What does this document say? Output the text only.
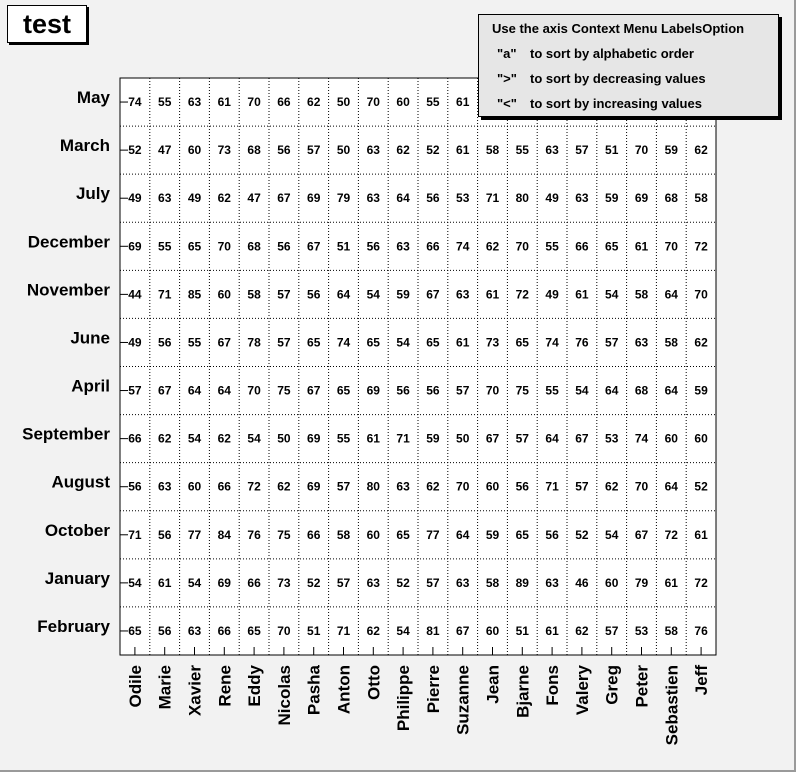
74 55 63 61 70 66 62 50 70 60 55 61
52 47 60 73 68 56 57 50 63 62 52 61 58 55 63 57 51 70 59 62
49 63 49 62 47 67 69 79 63 64 56 53 71 80 49 63 59 69 68 58
69 55 65 70 68 56 67 51 56 63 66 74 62 70 55 66 65 61 70 72
44 71 85 60 58 57 56 64 54 59 67 63 61 72 49 61 54 58 64 70
49 56 55 67 78 57 65 74 65 54 65 61 73 65 74 76 57 63 58 62
57 67 64 64 70 75 67 65 69 56 56 57 70 75 55 54 64 68 64 59
66 62 54 62 54 50 69 55 61 71 59 50 67 57 64 67 53 74 60 60
56 63 60 66 72 62 69 57 80 63 62 70 60 56 71 57 62 70 64 52
71 56 77 84 76 75 66 58 60 65 77 64 59 65 56 52 54 67 72 61
54 61 54 69 66 73 52 57 63 52 57 63 58 89 63 46 60 79 61 72
65 56 63 66 65 70 51 71 62 54 81 67 60 51 61 62 57 53 58 76
Odile Marie Xavier Rene Eddy Nicolas Pasha Anton Otto Philippe Pierre Suzanne Jean Bjarne Fons Valery Greg Peter Sebastien Jeff
May
March
July
December
November
June
April
September
August
October
January
February
test	Use the axis Context Menu LabelsOption
"a" to sort by alphabetic order
">" to sort by decreasing values
"<" to sort by increasing values
